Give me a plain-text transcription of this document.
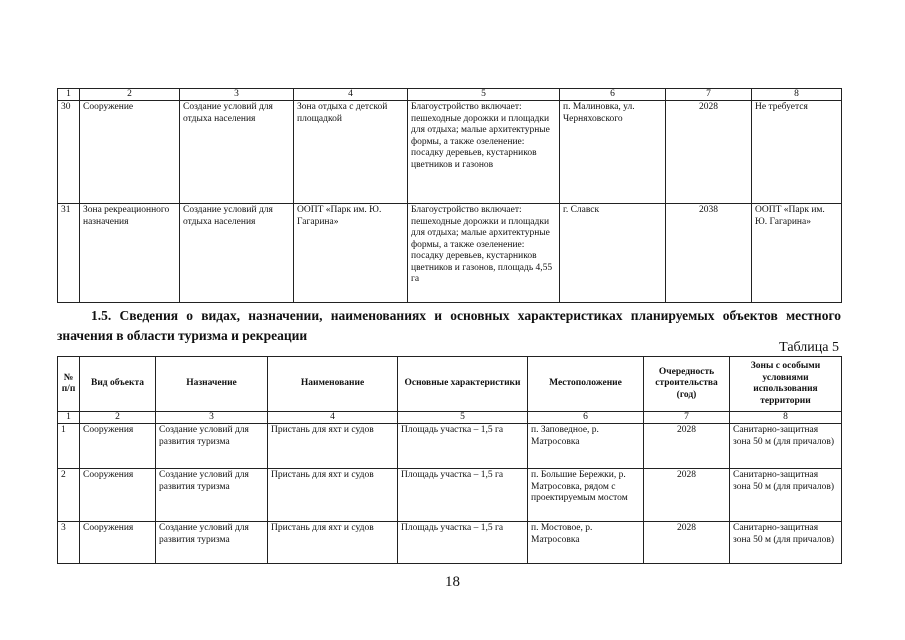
1	2	3	4	5	6	7	8
30	Сооружение	Создание условий для отдыха населения	Зона отдыха с детской площадкой	Благоустройство включает: пешеходные дорожки и площадки для отдыха; малые архитектурные формы, а также озеленение: посадку деревьев, кустарников цветников и газонов	п. Малиновка, ул. Черняховского	2028	Не требуется
31	Зона рекреационного назначения	Создание условий для отдыха населения	ООПТ «Парк им. Ю. Гагарина»	Благоустройство включает: пешеходные дорожки и площадки для отдыха; малые архитектурные формы, а также озеленение: посадку деревьев, кустарников цветников и газонов, площадь 4,55 га	г. Славск	2038	ООПТ «Парк им. Ю. Гагарина»
1.5. Сведения о видах, назначении, наименованиях и основных характеристиках планируемых объектов местного значения в области туризма и рекреации
Таблица 5
№ п/п	Вид объекта	Назначение	Наименование	Основные характеристики	Местоположение	Очередность строительства (год)	Зоны с особыми условиями использования территории
1	2	3	4	5	6	7	8
1	Сооружения	Создание условий для развития туризма	Пристань для яхт и судов	Площадь участка – 1,5 га	п. Заповедное, р. Матросовка	2028	Санитарно-защитная зона 50 м (для причалов)
2	Сооружения	Создание условий для развития туризма	Пристань для яхт и судов	Площадь участка – 1,5 га	п. Большие Бережки, р. Матросовка, рядом с проектируемым мостом	2028	Санитарно-защитная зона 50 м (для причалов)
3	Сооружения	Создание условий для развития туризма	Пристань для яхт и судов	Площадь участка – 1,5 га	п. Мостовое, р. Матросовка	2028	Санитарно-защитная зона 50 м (для причалов)
18
